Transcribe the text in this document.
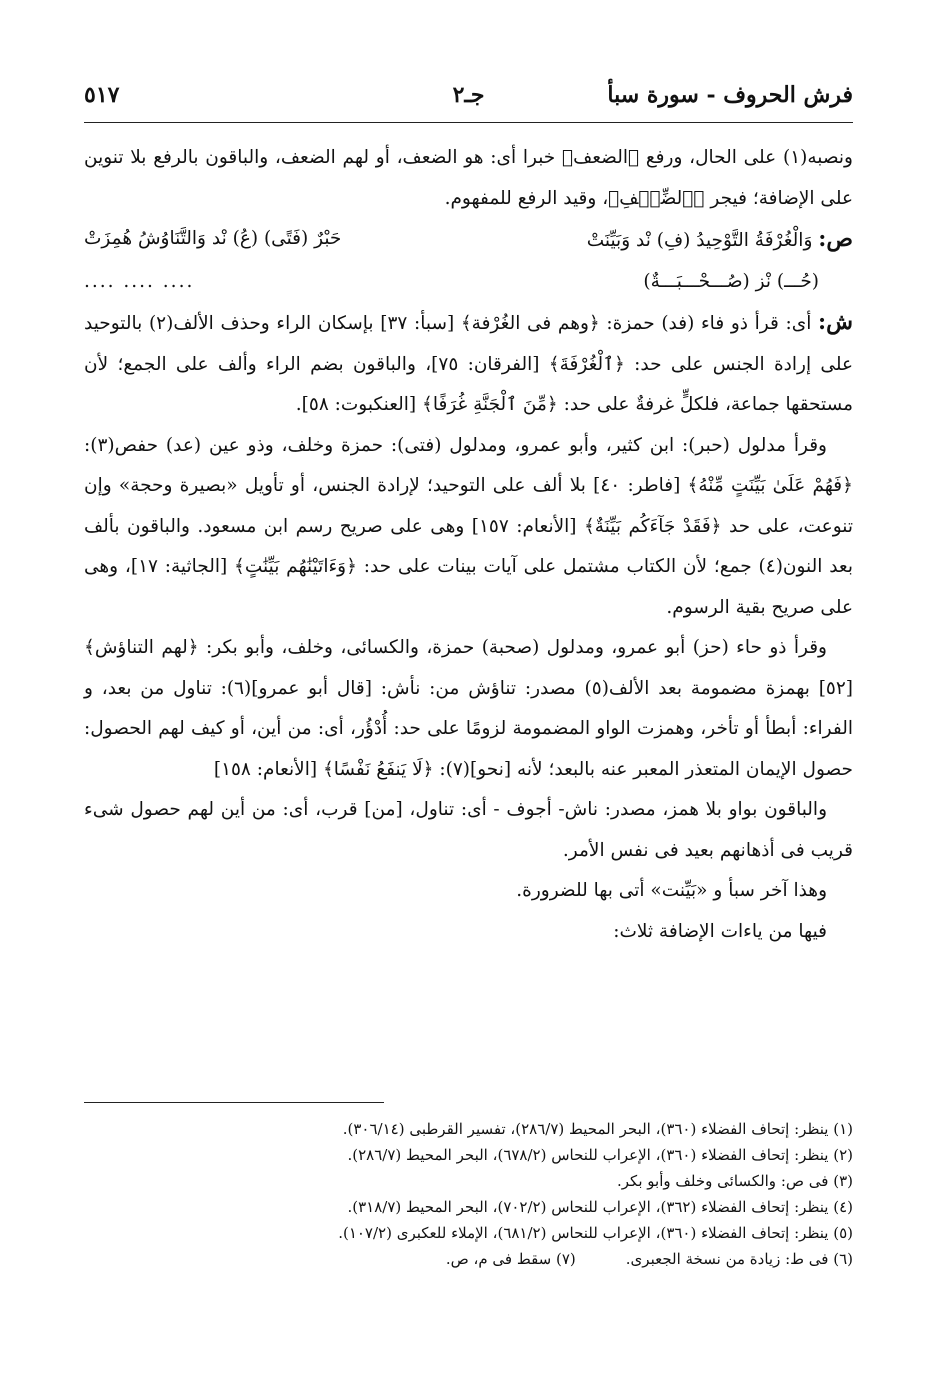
فرش الحروف - سورة سبأ
جـ٢
٥١٧

ونصبه(١) على الحال، ورفع ﴿الضعف﴾ خبرا أى: هو الضعف، أو لهم الضعف، والباقون بالرفع بلا تنوين على الإضافة؛ فيجر ﴿ٱلضِّعۡفِ﴾، وقيد الرفع للمفهوم.

ص: وَالْغُرْفَةُ التَّوْحِيدُ (فِ) نْد وَبَيِّنَتْ
حَبْرٌ (فَتًى) (عُ) نْد وَالتَّنَاوُشُ هُمِزَتْ
(حُـــ) نْز (صُـــحْـــبَـــةٌ)
.... .... ....

ش: أى: قرأ ذو فاء (فد) حمزة: ﴿وهم فى الغُرْفة﴾ [سبأ: ٣٧] بإسكان الراء وحذف الألف(٢) بالتوحيد على إرادة الجنس على حد: ﴿ٱلْغُرْفَةَ﴾ [الفرقان: ٧٥]، والباقون بضم الراء وألف على الجمع؛ لأن مستحقها جماعة، فلكلٍّ غرفةٌ على حد: ﴿مِّنَ ٱلْجَنَّةِ غُرَفًا﴾ [العنكبوت: ٥٨].

وقرأ مدلول (حبر): ابن كثير، وأبو عمرو، ومدلول (فتى): حمزة وخلف، وذو عين (عد) حفص(٣): ﴿فَهُمْ عَلَىٰ بَيِّنَتٍ مِّنْهُ﴾ [فاطر: ٤٠] بلا ألف على التوحيد؛ لإرادة الجنس، أو تأويل «بصيرة وحجة» وإن تنوعت، على حد ﴿فَقَدْ جَآءَكُم بَيِّنَةٌ﴾ [الأنعام: ١٥٧] وهى على صريح رسم ابن مسعود. والباقون بألف بعد النون(٤) جمع؛ لأن الكتاب مشتمل على آيات بينات على حد: ﴿وَءَاتَيْنَٰهُم بَيِّنَٰتٍ﴾ [الجاثية: ١٧]، وهى على صريح بقية الرسوم.

وقرأ ذو حاء (حز) أبو عمرو، ومدلول (صحبة) حمزة، والكسائى، وخلف، وأبو بكر: ﴿لهم التناؤش﴾ [٥٢] بهمزة مضمومة بعد الألف(٥) مصدر: تناؤش من: نأش: [قال أبو عمرو](٦): تناول من بعد، و الفراء: أبطأ أو تأخر، وهمزت الواو المضمومة لزومًا على حد: أُدْؤُر، أى: من أين، أو كيف لهم الحصول: حصول الإيمان المتعذر المعبر عنه بالبعد؛ لأنه [نحو](٧): ﴿لَا يَنفَعُ نَفْسًا﴾ [الأنعام: ١٥٨]

والباقون بواو بلا همز، مصدر: ناش- أجوف - أى: تناول، [من] قرب، أى: من أين لهم حصول شىء قريب فى أذهانهم بعيد فى نفس الأمر.

وهذا آخر سبأ و «بَيِّنت» أتى بها للضرورة.

فيها من ياءات الإضافة ثلاث:

(١) ينظر: إتحاف الفضلاء (٣٦٠)، البحر المحيط (٢٨٦/٧)، تفسير القرطبى (٣٠٦/١٤).
(٢) ينظر: إتحاف الفضلاء (٣٦٠)، الإعراب للنحاس (٦٧٨/٢)، البحر المحيط (٢٨٦/٧).
(٣) فى ص: والكسائى وخلف وأبو بكر.
(٤) ينظر: إتحاف الفضلاء (٣٦٢)، الإعراب للنحاس (٧٠٢/٢)، البحر المحيط (٣١٨/٧).
(٥) ينظر: إتحاف الفضلاء (٣٦٠)، الإعراب للنحاس (٦٨١/٢)، الإملاء للعكبرى (١٠٧/٢).
(٦) فى ط: زيادة من نسخة الجعبرى.
(٧) سقط فى م، ص.
